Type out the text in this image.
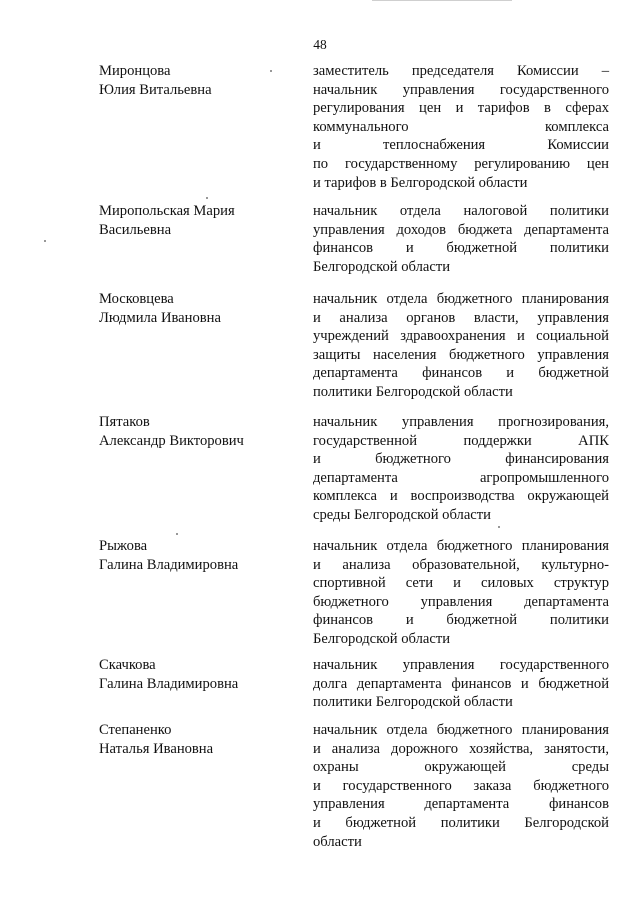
48
Миронцова
Юлия Витальевна
заместитель председателя Комиссии –
начальник управления государственного
регулирования цен и тарифов в сферах
коммунального комплекса
и теплоснабжения Комиссии
по государственному регулированию цен
и тарифов в Белгородской области
Миропольская Мария
Васильевна
начальник отдела налоговой политики
управления доходов бюджета департамента
финансов и бюджетной политики
Белгородской области
Московцева
Людмила Ивановна
начальник отдела бюджетного планирования
и анализа органов власти, управления
учреждений здравоохранения и социальной
защиты населения бюджетного управления
департамента финансов и бюджетной
политики Белгородской области
Пятаков
Александр Викторович
начальник управления прогнозирования,
государственной поддержки АПК
и бюджетного финансирования
департамента агропромышленного
комплекса и воспроизводства окружающей
среды Белгородской области
Рыжова
Галина Владимировна
начальник отдела бюджетного планирования
и анализа образовательной, культурно-
спортивной сети и силовых структур
бюджетного управления департамента
финансов и бюджетной политики
Белгородской области
Скачкова
Галина Владимировна
начальник управления государственного
долга департамента финансов и бюджетной
политики Белгородской области
Степаненко
Наталья Ивановна
начальник отдела бюджетного планирования
и анализа дорожного хозяйства, занятости,
охраны окружающей среды
и государственного заказа бюджетного
управления департамента финансов
и бюджетной политики Белгородской
области
